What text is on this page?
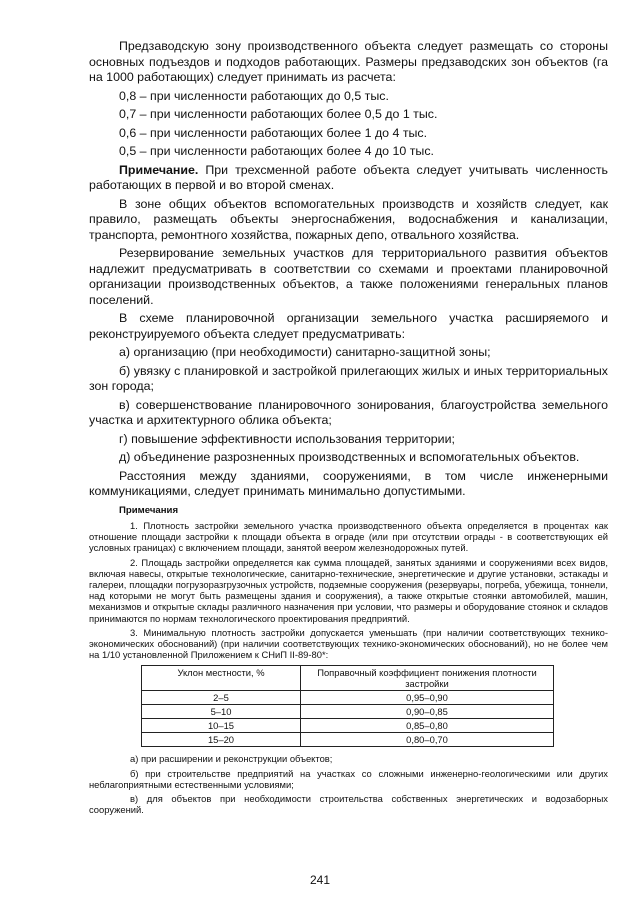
Предзаводскую зону производственного объекта следует размещать со стороны основных подъездов и подходов работающих. Размеры предзаводских зон объектов (га на 1000 работающих) следует принимать из расчета:

0,8 – при численности работающих до 0,5 тыс.

0,7 – при численности работающих более 0,5 до 1 тыс.

0,6 – при численности работающих более 1 до 4 тыс.

0,5 – при численности работающих более 4 до 10 тыс.

Примечание. При трехсменной работе объекта следует учитывать численность работающих в первой и во второй сменах.

В зоне общих объектов вспомогательных производств и хозяйств следует, как правило, размещать объекты энергоснабжения, водоснабжения и канализации, транспорта, ремонтного хозяйства, пожарных депо, отвального хозяйства.

Резервирование земельных участков для территориального развития объектов надлежит предусматривать в соответствии со схемами и проектами планировочной организации производственных объектов, а также положениями генеральных планов поселений.

В схеме планировочной организации земельного участка расширяемого и реконструируемого объекта следует предусматривать:

а) организацию (при необходимости) санитарно-защитной зоны;

б) увязку с планировкой и застройкой прилегающих жилых и иных территориальных зон города;

в) совершенствование планировочного зонирования, благоустройства земельного участка и архитектурного облика объекта;

г) повышение эффективности использования территории;

д) объединение разрозненных производственных и вспомогательных объектов.

Расстояния между зданиями, сооружениями, в том числе инженерными коммуникациями, следует принимать минимально допустимыми.

Примечания

1. Плотность застройки земельного участка производственного объекта определяется в процентах как отношение площади застройки к площади объекта в ограде (или при отсутствии ограды - в соответствующих ей условных границах) с включением площади, занятой веером железнодорожных путей.

2. Площадь застройки определяется как сумма площадей, занятых зданиями и сооружениями всех видов, включая навесы, открытые технологические, санитарно-технические, энергетические и другие установки, эстакады и галереи, площадки погрузоразгрузочных устройств, подземные сооружения (резервуары, погреба, убежища, тоннели, над которыми не могут быть размещены здания и сооружения), а также открытые стоянки автомобилей, машин, механизмов и открытые склады различного назначения при условии, что размеры и оборудование стоянок и складов принимаются по нормам технологического проектирования предприятий.

3. Минимальную плотность застройки допускается уменьшать (при наличии соответствующих технико-экономических обоснований) (при наличии соответствующих технико-экономических обоснований), но не более чем на 1/10 установленной Приложением к СНиП II-89-80*:

Уклон местности, %	Поправочный коэффициент понижения плотности застройки
2–5	0,95–0,90
5–10	0,90–0,85
10–15	0,85–0,80
15–20	0,80–0,70

а) при расширении и реконструкции объектов;

б) при строительстве предприятий на участках со сложными инженерно-геологическими или других неблагоприятными естественными условиями;

в) для объектов при необходимости строительства собственных энергетических и водозаборных сооружений.

241
